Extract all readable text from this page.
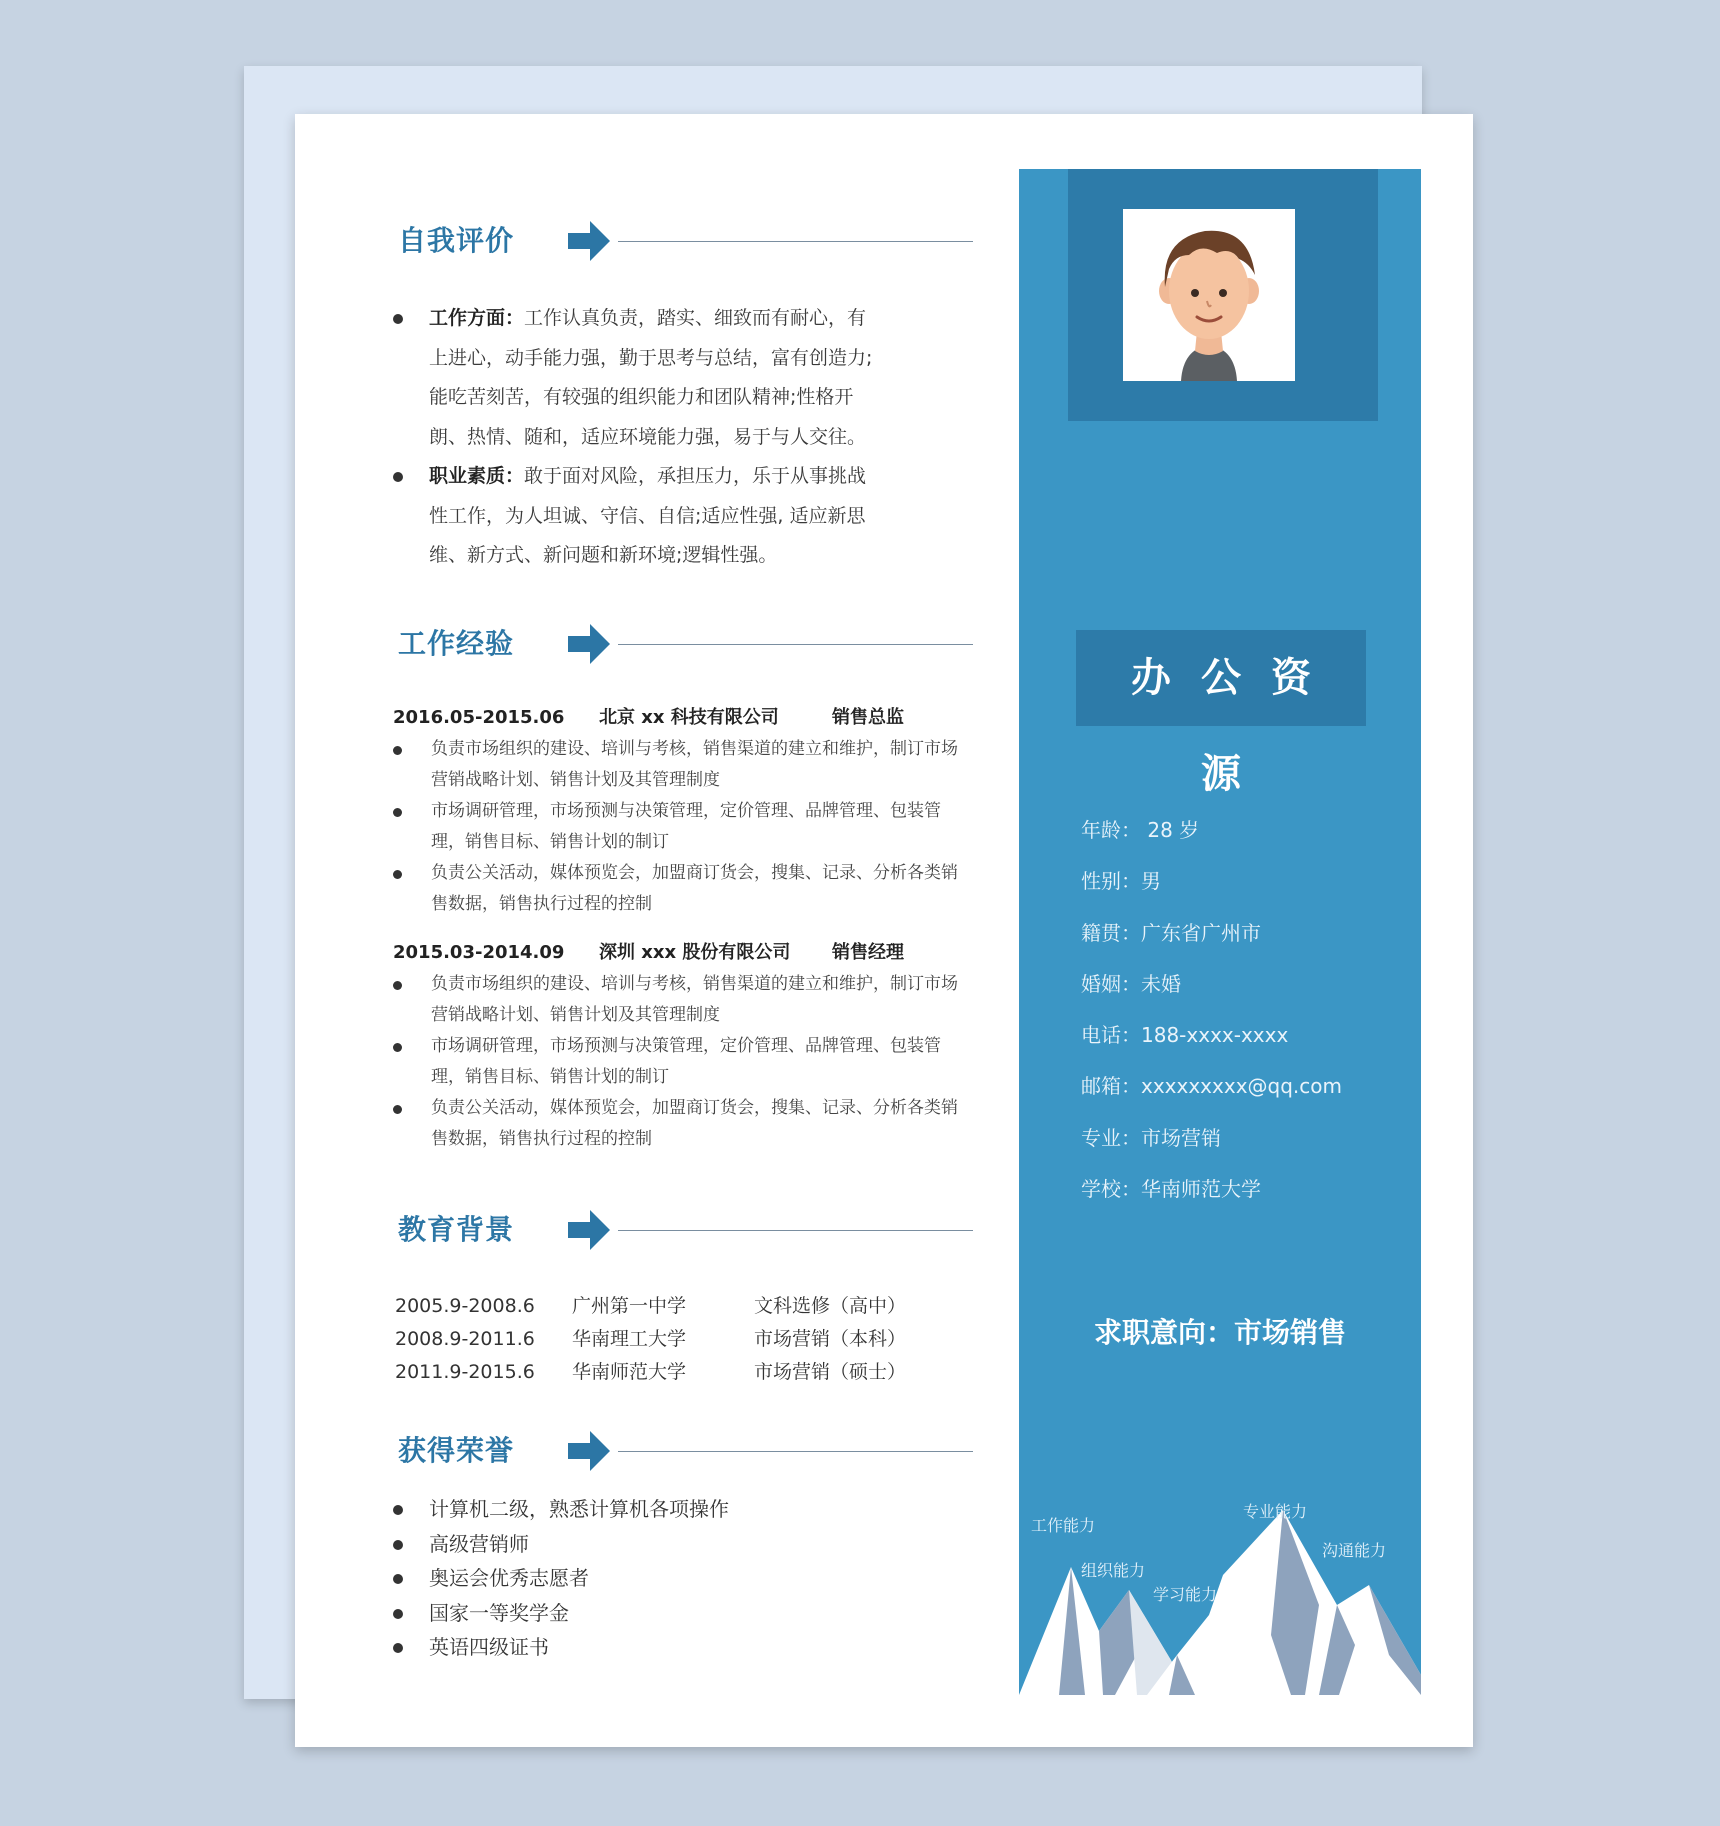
自我评价
工作方面：工作认真负责，踏实、细致而有耐心，有上进心，动手能力强，勤于思考与总结，富有创造力;能吃苦刻苦，有较强的组织能力和团队精神;性格开朗、热情、随和，适应环境能力强，易于与人交往。
职业素质：敢于面对风险，承担压力，乐于从事挑战性工作，为人坦诚、守信、自信;适应性强, 适应新思维、新方式、新问题和新环境;逻辑性强。
工作经验
2016.05-2015.06 北京 xx 科技有限公司	销售总监
负责市场组织的建设、培训与考核，销售渠道的建立和维护，制订市场营销战略计划、销售计划及其管理制度
市场调研管理，市场预测与决策管理，定价管理、品牌管理、包装管理，销售目标、销售计划的制订
负责公关活动，媒体预览会，加盟商订货会，搜集、记录、分析各类销售数据，销售执行过程的控制
2015.03-2014.09 深圳 xxx 股份有限公司 销售经理
负责市场组织的建设、培训与考核，销售渠道的建立和维护，制订市场营销战略计划、销售计划及其管理制度
市场调研管理，市场预测与决策管理，定价管理、品牌管理、包装管理，销售目标、销售计划的制订
负责公关活动，媒体预览会，加盟商订货会，搜集、记录、分析各类销售数据，销售执行过程的控制
教育背景
2005.9-2008.6 广州第一中学	文科选修（高中）
2008.9-2011.6 华南理工大学	市场营销（本科）
2011.9-2015.6 华南师范大学	市场营销（硕士）
获得荣誉
计算机二级，熟悉计算机各项操作
高级营销师
奥运会优秀志愿者
国家一等奖学金
英语四级证书
办公资源
年龄： 28 岁
性别：男
籍贯：广东省广州市
婚姻：未婚
电话：188-xxxx-xxxx
邮箱：xxxxxxxxx@qq.com
专业：市场营销
学校：华南师范大学
求职意向：市场销售
工作能力
专业能力
沟通能力
组织能力
学习能力
